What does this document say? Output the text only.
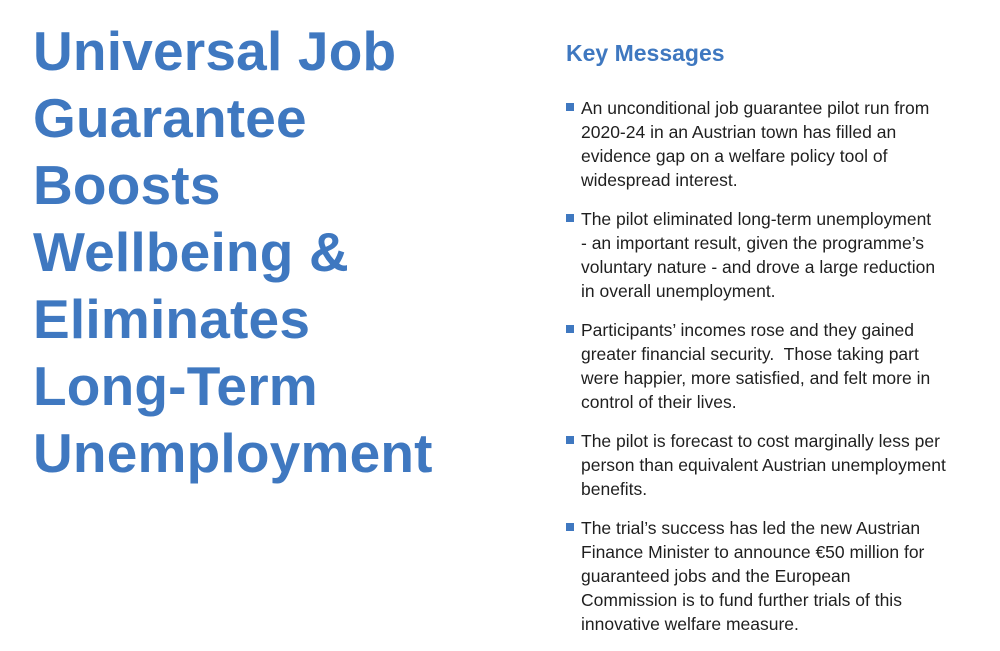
Universal Job
Guarantee
Boosts
Wellbeing &
Eliminates
Long-Term
Unemployment
Key Messages
An unconditional job guarantee pilot run from
2020-24 in an Austrian town has filled an
evidence gap on a welfare policy tool of
widespread interest.
The pilot eliminated long-term unemployment
- an important result, given the programme’s
voluntary nature - and drove a large reduction
in overall unemployment.
Participants’ incomes rose and they gained
greater financial security.  Those taking part
were happier, more satisfied, and felt more in
control of their lives.
The pilot is forecast to cost marginally less per
person than equivalent Austrian unemployment
benefits.
The trial’s success has led the new Austrian
Finance Minister to announce €50 million for
guaranteed jobs and the European
Commission is to fund further trials of this
innovative welfare measure.
